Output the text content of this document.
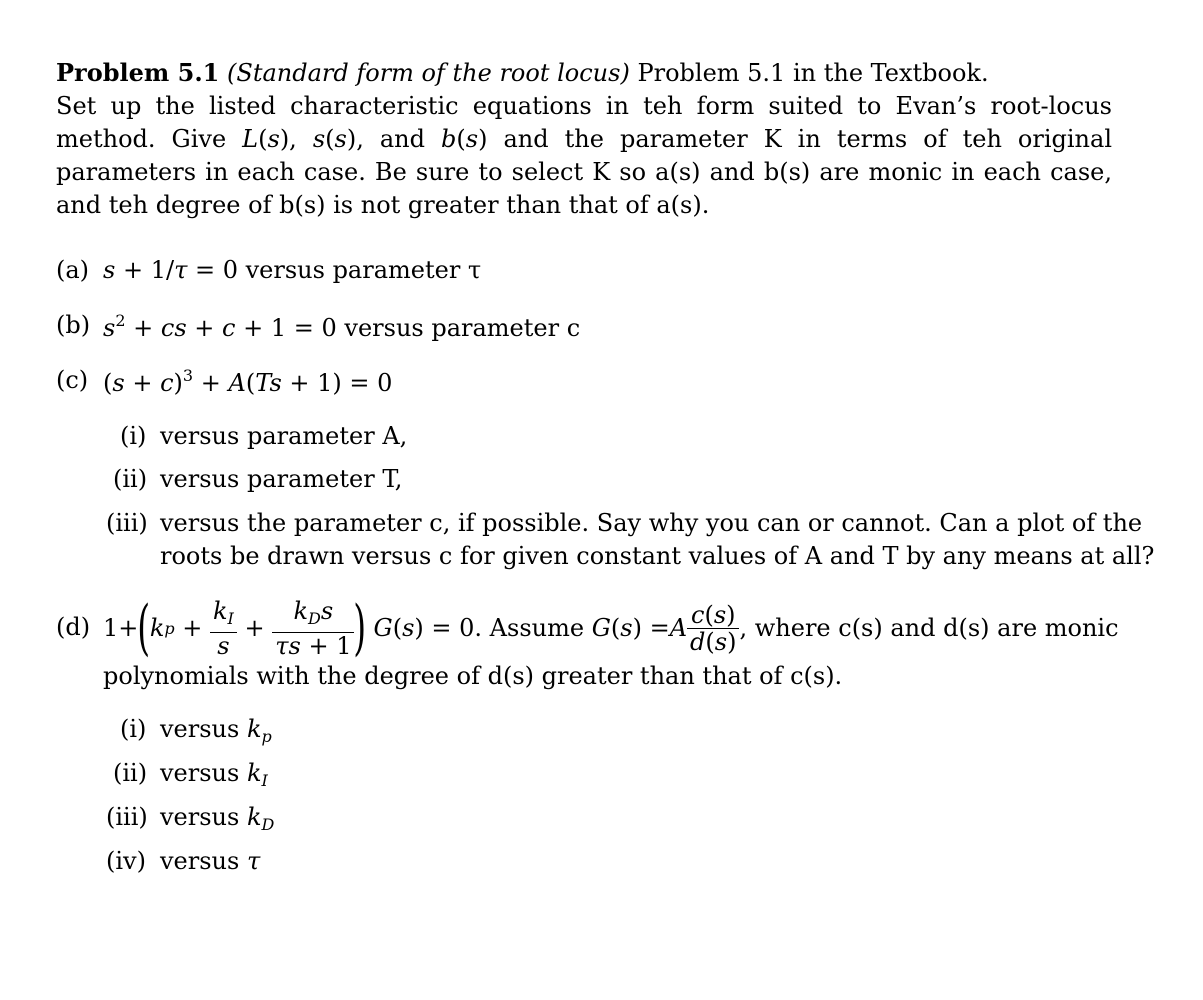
Problem 5.1 (Standard form of the root locus) Problem 5.1 in the Textbook.
Set up the listed characteristic equations in teh form suited to Evan’s root-locus method. Give L(s), s(s), and b(s) and the parameter K in terms of teh original parameters in each case. Be sure to select K so a(s) and b(s) are monic in each case, and teh degree of b(s) is not greater than that of a(s).

(a) s + 1/τ = 0 versus parameter τ
(b) $s^2$ + cs + c + 1 = 0 versus parameter c
(c) $(s + c)^3 + A(Ts + 1) = 0$
(i) versus parameter A,
(ii) versus parameter T,
(iii) versus the parameter c, if possible. Say why you can or cannot. Can a plot of the
roots be drawn versus c for given constant values of A and T by any means at all?
(d) 1+ ( k $p + \frac{k_I}{s} + \frac{k_Ds}{\tau s + 1}$ )
G ( s ) = 0. Assume
G ( s ) = A $\frac{c(s)}{d(s)}$ , where c(s) and d(s) are monic
polynomials with the degree of d(s) greater than that of c(s).
(i) versus $k_p$
(ii) versus $k_I$
(iii) versus $k_D$
(iv) versus τ
